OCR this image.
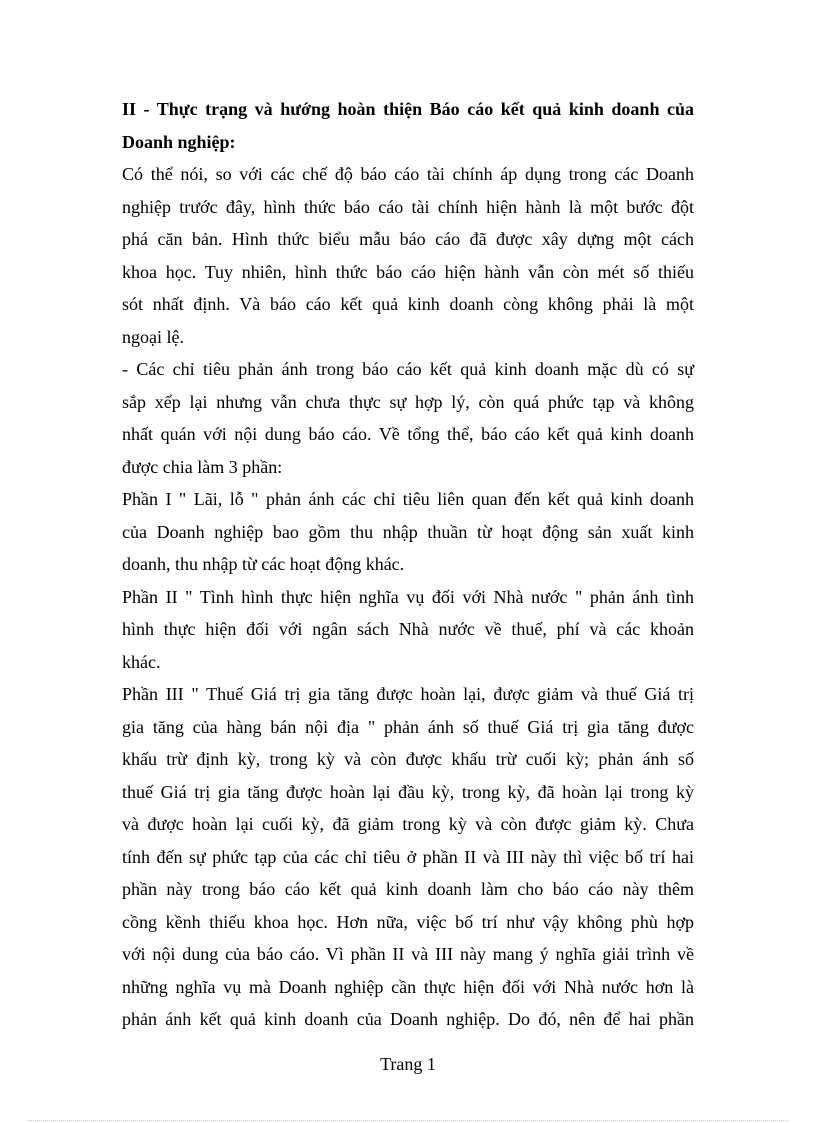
II - Thực trạng và hướng hoàn thiện Báo cáo kết quả kinh doanh của
Doanh nghiệp:
Có thể nói, so với các chế độ báo cáo tài chính áp dụng trong các Doanh
nghiệp trước đây, hình thức báo cáo tài chính hiện hành là một bước đột
phá căn bản. Hình thức biểu mẫu báo cáo đã được xây dựng một cách
khoa học. Tuy nhiên, hình thức báo cáo hiện hành vẫn còn mét số thiếu
sót nhất định. Và báo cáo kết quả kinh doanh còng không phải là một
ngoại lệ.
- Các chỉ tiêu phản ánh trong báo cáo kết quả kinh doanh mặc dù có sự
sắp xếp lại nhưng vẫn chưa thực sự hợp lý, còn quá phức tạp và không
nhất quán với nội dung báo cáo. Về tổng thể, báo cáo kết quả kinh doanh
được chia làm 3 phần:
Phần I " Lãi, lỗ " phản ánh các chỉ tiêu liên quan đến kết quả kinh doanh
của Doanh nghiệp bao gồm thu nhập thuần từ hoạt động sản xuất kinh
doanh, thu nhập từ các hoạt động khác.
Phần II " Tình hình thực hiện nghĩa vụ đối với Nhà nước " phản ánh tình
hình thực hiện đối với ngân sách Nhà nước về thuế, phí và các khoản
khác.
Phần III " Thuế Giá trị gia tăng được hoàn lại, được giảm và thuế Giá trị
gia tăng của hàng bán nội địa " phản ánh số thuế Giá trị gia tăng được
khấu trừ định kỳ, trong kỳ và còn được khấu trừ cuối kỳ; phản ánh số
thuế Giá trị gia tăng được hoàn lại đầu kỳ, trong kỳ, đã hoàn lại trong kỳ
và được hoàn lại cuối kỳ, đã giảm trong kỳ và còn được giảm kỳ. Chưa
tính đến sự phức tạp của các chỉ tiêu ở phần II và III này thì việc bố trí hai
phần này trong báo cáo kết quả kinh doanh làm cho báo cáo này thêm
cồng kềnh thiếu khoa học. Hơn nữa, việc bố trí như vậy không phù hợp
với nội dung của báo cáo. Vì phần II và III này mang ý nghĩa giải trình về
những nghĩa vụ mà Doanh nghiệp cần thực hiện đối với Nhà nước hơn là
phản ánh kết quả kinh doanh của Doanh nghiệp. Do đó, nên để hai phần
Trang 1
